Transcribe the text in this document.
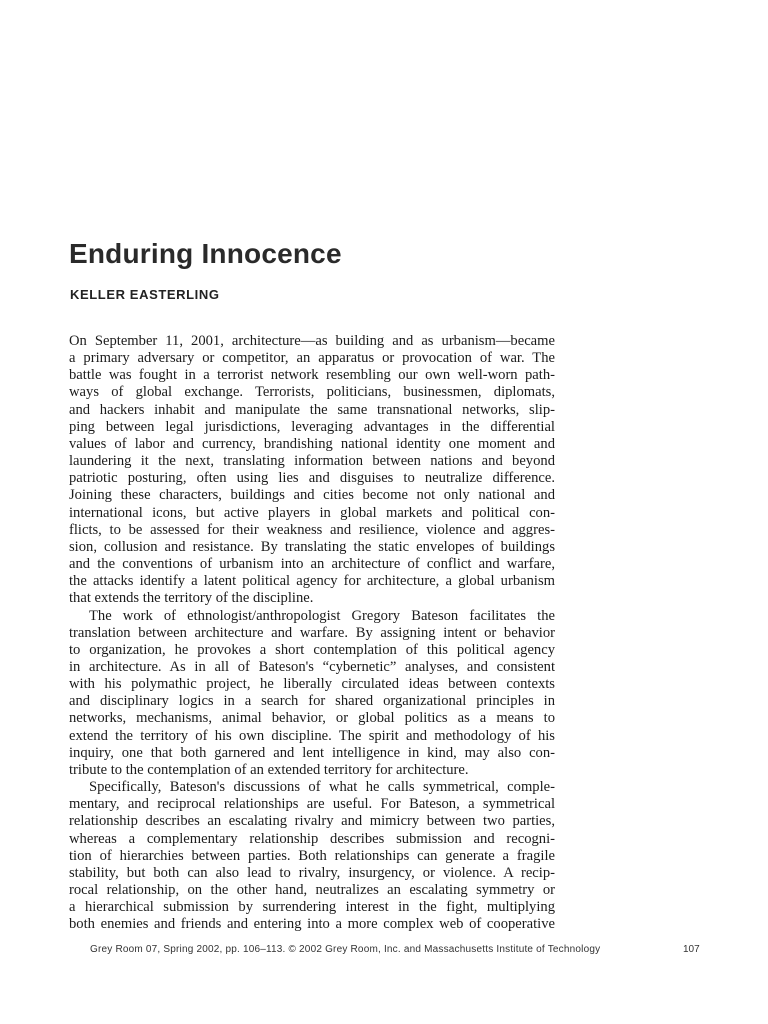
Enduring Innocence
KELLER EASTERLING
On September 11, 2001, architecture—as building and as urbanism—became
a primary adversary or competitor, an apparatus or provocation of war. The
battle was fought in a terrorist network resembling our own well-worn path-
ways of global exchange. Terrorists, politicians, businessmen, diplomats,
and hackers inhabit and manipulate the same transnational networks, slip-
ping between legal jurisdictions, leveraging advantages in the differential
values of labor and currency, brandishing national identity one moment and
laundering it the next, translating information between nations and beyond
patriotic posturing, often using lies and disguises to neutralize difference.
Joining these characters, buildings and cities become not only national and
international icons, but active players in global markets and political con-
flicts, to be assessed for their weakness and resilience, violence and aggres-
sion, collusion and resistance. By translating the static envelopes of buildings
and the conventions of urbanism into an architecture of conflict and warfare,
the attacks identify a latent political agency for architecture, a global urbanism
that extends the territory of the discipline.
The work of ethnologist/anthropologist Gregory Bateson facilitates the
translation between architecture and warfare. By assigning intent or behavior
to organization, he provokes a short contemplation of this political agency
in architecture. As in all of Bateson's “cybernetic” analyses, and consistent
with his polymathic project, he liberally circulated ideas between contexts
and disciplinary logics in a search for shared organizational principles in
networks, mechanisms, animal behavior, or global politics as a means to
extend the territory of his own discipline. The spirit and methodology of his
inquiry, one that both garnered and lent intelligence in kind, may also con-
tribute to the contemplation of an extended territory for architecture.
Specifically, Bateson's discussions of what he calls symmetrical, comple-
mentary, and reciprocal relationships are useful. For Bateson, a symmetrical
relationship describes an escalating rivalry and mimicry between two parties,
whereas a complementary relationship describes submission and recogni-
tion of hierarchies between parties. Both relationships can generate a fragile
stability, but both can also lead to rivalry, insurgency, or violence. A recip-
rocal relationship, on the other hand, neutralizes an escalating symmetry or
a hierarchical submission by surrendering interest in the fight, multiplying
both enemies and friends and entering into a more complex web of cooperative
Grey Room 07, Spring 2002, pp. 106–113. © 2002 Grey Room, Inc. and Massachusetts Institute of Technology	107
